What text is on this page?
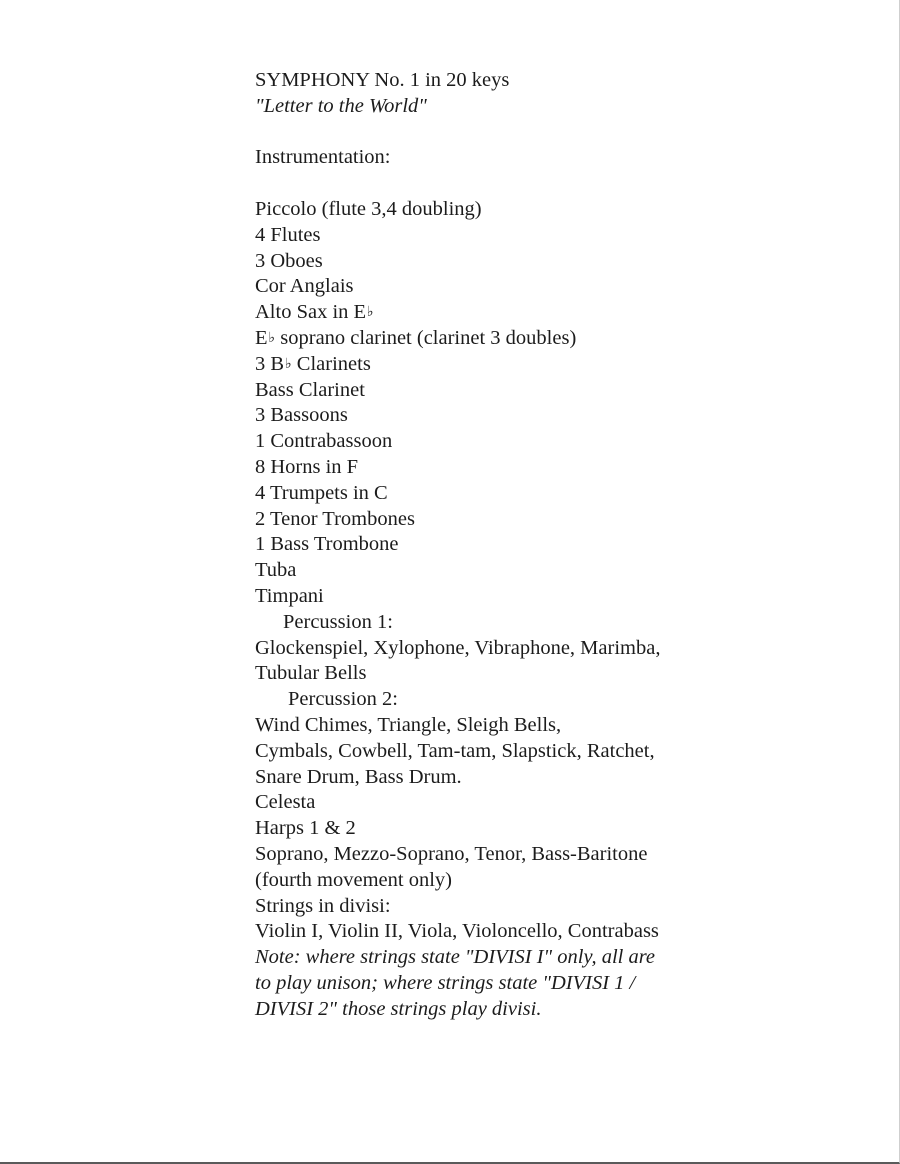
SYMPHONY No. 1 in 20 keys
"Letter to the World"
Instrumentation:
Piccolo (flute 3,4 doubling)
4 Flutes
3 Oboes
Cor Anglais
Alto Sax in E♭
E♭ soprano clarinet (clarinet 3 doubles)
3 B♭ Clarinets
Bass Clarinet
3 Bassoons
1 Contrabassoon
8 Horns in F
4 Trumpets in C
2 Tenor Trombones
1 Bass Trombone
Tuba
Timpani
Percussion 1:
Glockenspiel, Xylophone, Vibraphone, Marimba,
Tubular Bells
Percussion 2:
Wind Chimes, Triangle, Sleigh Bells,
Cymbals, Cowbell, Tam-tam, Slapstick, Ratchet,
Snare Drum, Bass Drum.
Celesta
Harps 1 & 2
Soprano, Mezzo-Soprano, Tenor, Bass-Baritone
(fourth movement only)
Strings in divisi:
Violin I, Violin II, Viola, Violoncello, Contrabass
Note: where strings state "DIVISI I" only, all are
to play unison; where strings state "DIVISI 1 /
DIVISI 2" those strings play divisi.
